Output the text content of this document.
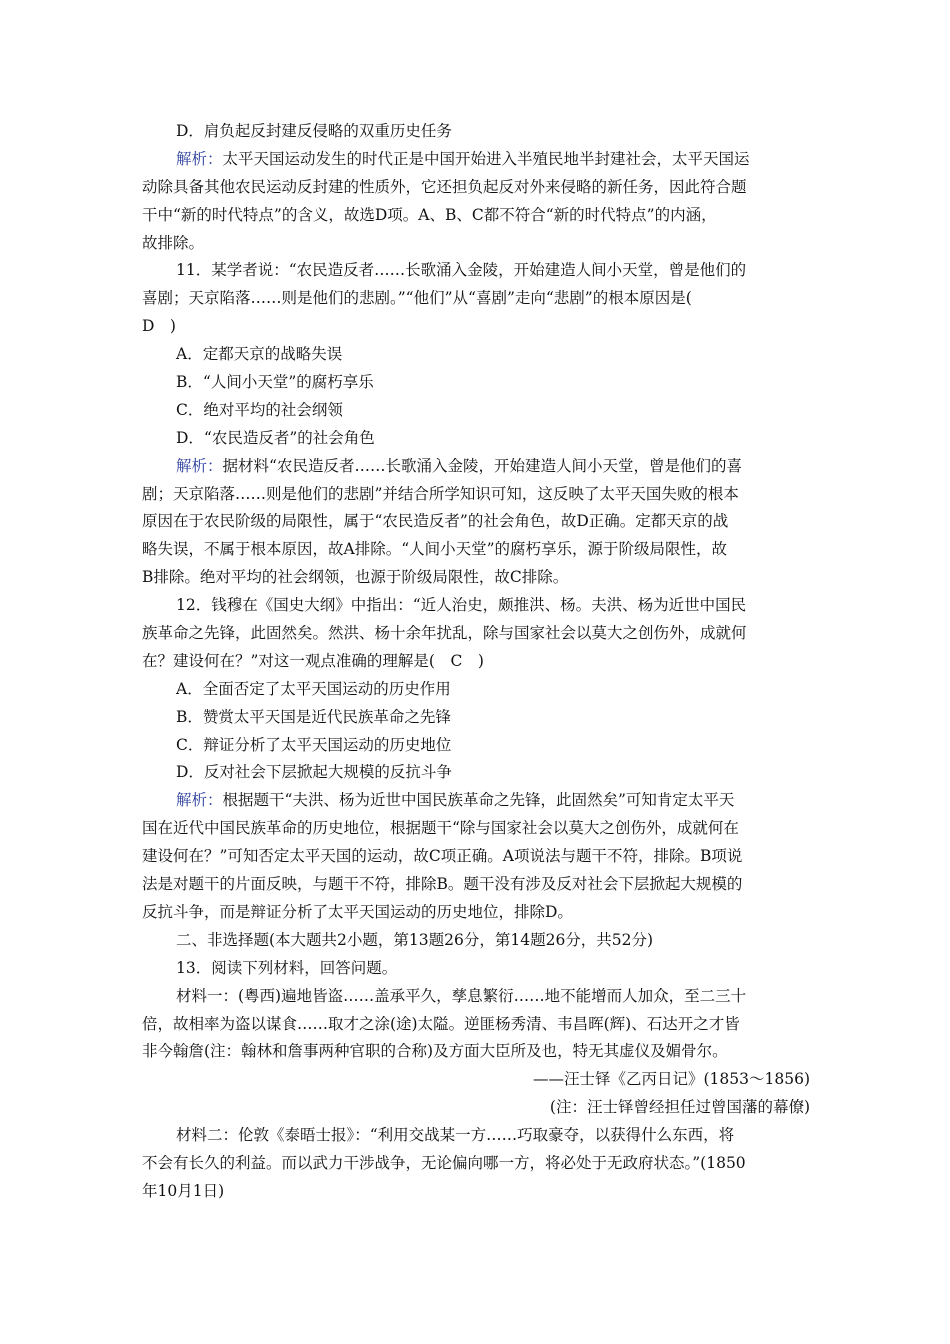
D．肩负起反封建反侵略的双重历史任务
解析：太平天国运动发生的时代正是中国开始进入半殖民地半封建社会，太平天国运
动除具备其他农民运动反封建的性质外，它还担负起反对外来侵略的新任务，因此符合题
干中“新的时代特点”的含义，故选D项。A、B、C都不符合“新的时代特点”的内涵，
故排除。
11．某学者说：“农民造反者……长歌涌入金陵，开始建造人间小天堂，曾是他们的
喜剧；天京陷落……则是他们的悲剧。”“他们”从“喜剧”走向“悲剧”的根本原因是(
D　)
A．定都天京的战略失误
B．“人间小天堂”的腐朽享乐
C．绝对平均的社会纲领
D．“农民造反者”的社会角色
解析：据材料“农民造反者……长歌涌入金陵，开始建造人间小天堂，曾是他们的喜
剧；天京陷落……则是他们的悲剧”并结合所学知识可知，这反映了太平天国失败的根本
原因在于农民阶级的局限性，属于“农民造反者”的社会角色，故D正确。定都天京的战
略失误，不属于根本原因，故A排除。“人间小天堂”的腐朽享乐，源于阶级局限性，故
B排除。绝对平均的社会纲领，也源于阶级局限性，故C排除。
12．钱穆在《国史大纲》中指出：“近人治史，颇推洪、杨。夫洪、杨为近世中国民
族革命之先锋，此固然矣。然洪、杨十余年扰乱，除与国家社会以莫大之创伤外，成就何
在？建设何在？”对这一观点准确的理解是(　C　)
A．全面否定了太平天国运动的历史作用
B．赞赏太平天国是近代民族革命之先锋
C．辩证分析了太平天国运动的历史地位
D．反对社会下层掀起大规模的反抗斗争
解析：根据题干“夫洪、杨为近世中国民族革命之先锋，此固然矣”可知肯定太平天
国在近代中国民族革命的历史地位，根据题干“除与国家社会以莫大之创伤外，成就何在
建设何在？”可知否定太平天国的运动，故C项正确。A项说法与题干不符，排除。B项说
法是对题干的片面反映，与题干不符，排除B。题干没有涉及反对社会下层掀起大规模的
反抗斗争，而是辩证分析了太平天国运动的历史地位，排除D。
二、非选择题(本大题共2小题，第13题26分，第14题26分，共52分)
13．阅读下列材料，回答问题。
材料一：(粤西)遍地皆盗……盖承平久，孳息繁衍……地不能增而人加众，至二三十
倍，故相率为盗以谋食……取才之涂(途)太隘。逆匪杨秀清、韦昌晖(辉)、石达开之才皆
非今翰詹(注：翰林和詹事两种官职的合称)及方面大臣所及也，特无其虚仪及媚骨尔。
——汪士铎《乙丙日记》(1853～1856)
(注：汪士铎曾经担任过曾国藩的幕僚)
材料二：伦敦《泰晤士报》：“利用交战某一方……巧取豪夺，以获得什么东西，将
不会有长久的利益。而以武力干涉战争，无论偏向哪一方，将必处于无政府状态。”(1850
年10月1日)
